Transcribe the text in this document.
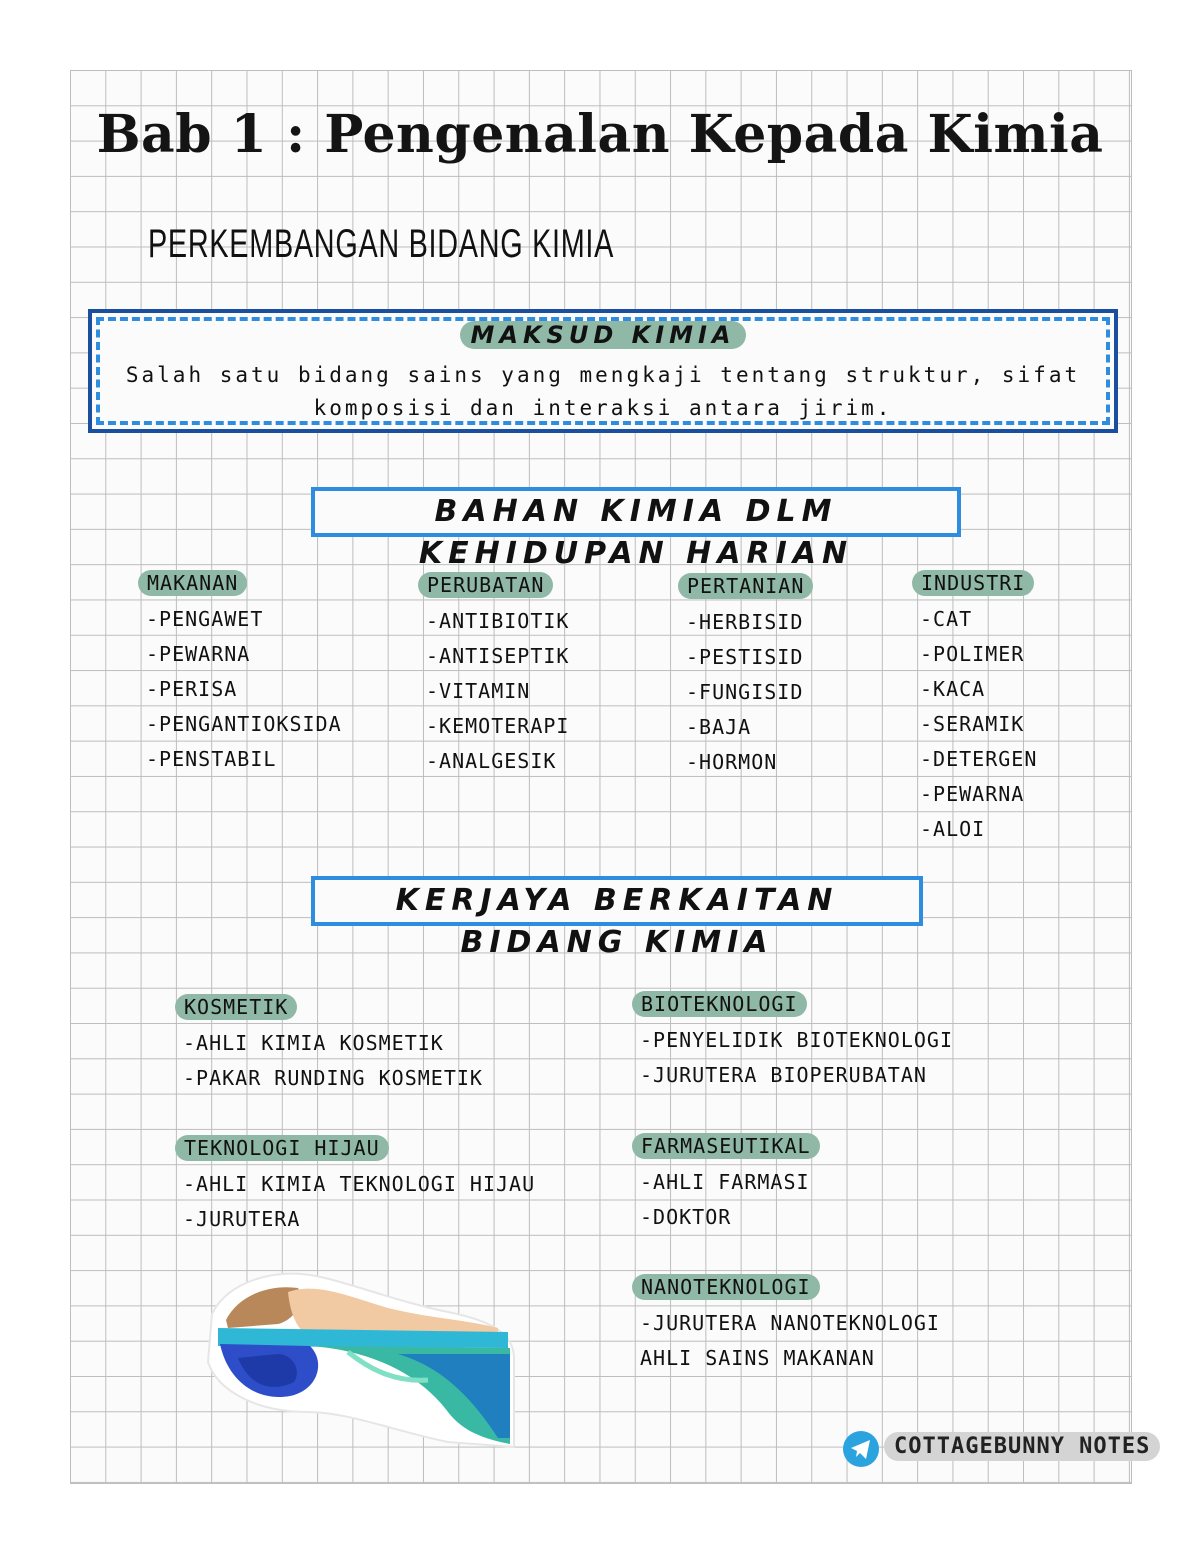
Bab 1 : Pengenalan Kepada Kimia
PERKEMBANGAN BIDANG KIMIA
MAKSUD KIMIA
Salah satu bidang sains yang mengkaji tentang struktur, sifat
komposisi dan interaksi antara jirim.
BAHAN KIMIA DLM KEHIDUPAN HARIAN
MAKANAN
-PENGAWET
-PEWARNA
-PERISA
-PENGANTIOKSIDA
-PENSTABIL
PERUBATAN
-ANTIBIOTIK
-ANTISEPTIK
-VITAMIN
-KEMOTERAPI
-ANALGESIK
PERTANIAN
-HERBISID
-PESTISID
-FUNGISID
-BAJA
-HORMON
INDUSTRI
-CAT
-POLIMER
-KACA
-SERAMIK
-DETERGEN
-PEWARNA
-ALOI
KERJAYA BERKAITAN BIDANG KIMIA
KOSMETIK
-AHLI KIMIA KOSMETIK
-PAKAR RUNDING KOSMETIK
TEKNOLOGI HIJAU
-AHLI KIMIA TEKNOLOGI HIJAU
-JURUTERA
BIOTEKNOLOGI
-PENYELIDIK BIOTEKNOLOGI
-JURUTERA BIOPERUBATAN
FARMASEUTIKAL
-AHLI FARMASI
-DOKTOR
NANOTEKNOLOGI
-JURUTERA NANOTEKNOLOGI
AHLI SAINS MAKANAN
COTTAGEBUNNY NOTES
